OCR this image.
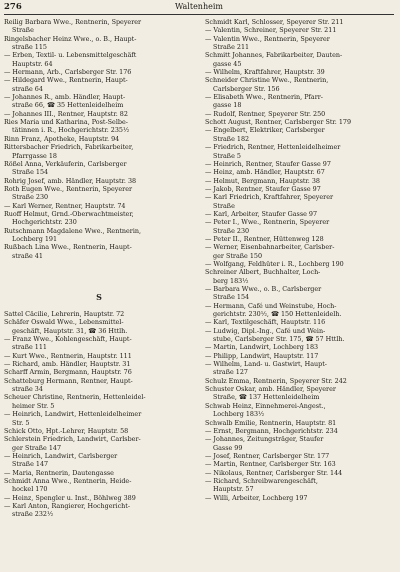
276	Waltenheim
Reilig Barbara Wwe., Rentnerin, Speyerer
Straße
Ringelsbacher Heinz Wwe., o. B., Haupt-
straße 115
— Erben, Textil- u. Lebensmittelgeschäft
Hauptstr. 64
— Hermann, Arb., Carlsberger Str. 176
— Hildegard Wwe., Rentnerin, Haupt-
straße 64
— Johannes R., amb. Händler, Haupt-
straße 66, ☎ 35 Hettenleidelheim
— Johannes III., Rentner, Hauptstr. 82
Ries Maria und Katharina, Post-Selbe-
tätinnen i. R., Hochgerichtstr. 235½
Rinn Franz, Apotheke, Hauptstr. 94
Rittersbacher Friedrich, Fabrikarbeiter,
Pfarrgasse 18
Rößel Anna, Verkäuferin, Carlsberger
Straße 154
Rohrig Josef, amb. Händler, Hauptstr. 38
Roth Eugen Wwe., Rentnerin, Speyerer
Straße 230
— Karl Werner, Rentner, Hauptstr. 74
Ruoff Helmut, Grnd.-Oberwachtmeister,
Hochgerichtstr. 230
Rutschmann Magdalene Wwe., Rentnerin,
Lochberg 191
Rußbach Lina Wwe., Rentnerin, Haupt-
straße 41
S
Sattel Cäcilie, Lehrerin, Hauptstr. 72
Schäfer Oswald Wwe., Lebensmittel-
geschäft, Hauptstr. 31, ☎ 36 Httlh.
— Franz Wwe., Kohlengeschäft, Haupt-
straße 111
— Kurt Wwe., Rentnerin, Hauptstr. 111
— Richard, amb. Händler, Hauptstr. 31
Scharff Armin, Bergmann, Hauptstr. 76
Schatteburg Hermann, Rentner, Haupt-
straße 34
Scheuer Christine, Rentnerin, Hettenleidel-
heimer Str. 5
— Heinrich, Landwirt, Hettenleidelheimer
Str. 5
Schick Otto, Hpt.-Lehrer, Hauptstr. 58
Schlerstein Friedrich, Landwirt, Carlsber-
ger Straße 147
— Heinrich, Landwirt, Carlsberger
Straße 147
— Maria, Rentnerin, Dautengasse
Schmidt Anna Wwe., Rentnerin, Heide-
hockel 170
— Heinz, Spengler u. Inst., Böhlweg 389
— Karl Anton, Rangierer, Hochgericht-
straße 232½
Schmidt Karl, Schlosser, Speyerer Str. 211
— Valentin, Schreiner, Speyerer Str. 211
— Valentin Wwe., Rentnerin, Speyerer
Straße 211
Schmitt Johannes, Fabrikarbeiter, Dauten-
gasse 45
— Wilhelm, Kraftfahrer, Hauptstr. 39
Schneider Christine Wwe., Rentnerin,
Carlsberger Str. 156
— Elisabeth Wwe., Rentnerin, Pfarr-
gasse 18
— Rudolf, Rentner, Speyerer Str. 250
Schott August, Rentner, Carlsberger Str. 179
— Engelbert, Elektriker, Carlsberger
Straße 182
— Friedrich, Rentner, Hettenleidelheimer
Straße 5
— Heinrich, Rentner, Staufer Gasse 97
— Heinz, amb. Händler, Hauptstr. 67
— Helmut, Bergmann, Hauptstr. 38
— Jakob, Rentner, Staufer Gasse 97
— Karl Friedrich, Kraftfahrer, Speyerer
Straße
— Karl, Arbeiter, Staufer Gasse 97
— Peter I., Wwe., Rentnerin, Speyerer
Straße 230
— Peter II., Rentner, Hüttenweg 128
— Werner, Eisenbahnarbeiter, Carlsber-
ger Straße 150
— Wolfgang, Feldhüter i. R., Lochberg 190
Schreiner Albert, Buchhalter, Loch-
berg 183½
— Barbara Wwe., o. B., Carlsberger
Straße 154
— Hermann, Café und Weinstube, Hoch-
gerichtstr. 230½, ☎ 150 Hettenleidelh.
— Karl, Textilgeschäft, Hauptstr. 116
— Ludwig, Dipl.-Ing., Café und Wein-
stube, Carlsberger Str. 175, ☎ 57 Httlh.
— Martin, Landwirt, Lochberg 183
— Philipp, Landwirt, Hauptstr. 117
— Wilhelm, Land- u. Gastwirt, Haupt-
straße 127
Schulz Emma, Rentnerin, Speyerer Str. 242
Schuster Oskar, amb. Händler, Speyerer
Straße, ☎ 137 Hettenleidelheim
Schwab Heinz, Einnehmerei-Angest.,
Lochberg 183½
Schwalb Emilie, Rentnerin, Hauptstr. 81
— Ernst, Bergmann, Hochgerichtstr. 234
— Johannes, Zeitungsträger, Staufer
Gasse 99
— Josef, Rentner, Carlsberger Str. 177
— Martin, Rentner, Carlsberger Str. 163
— Nikolaus, Rentner, Carlsberger Str. 144
— Richard, Schreibwarengeschäft,
Hauptstr. 57
— Willi, Arbeiter, Lochberg 197
